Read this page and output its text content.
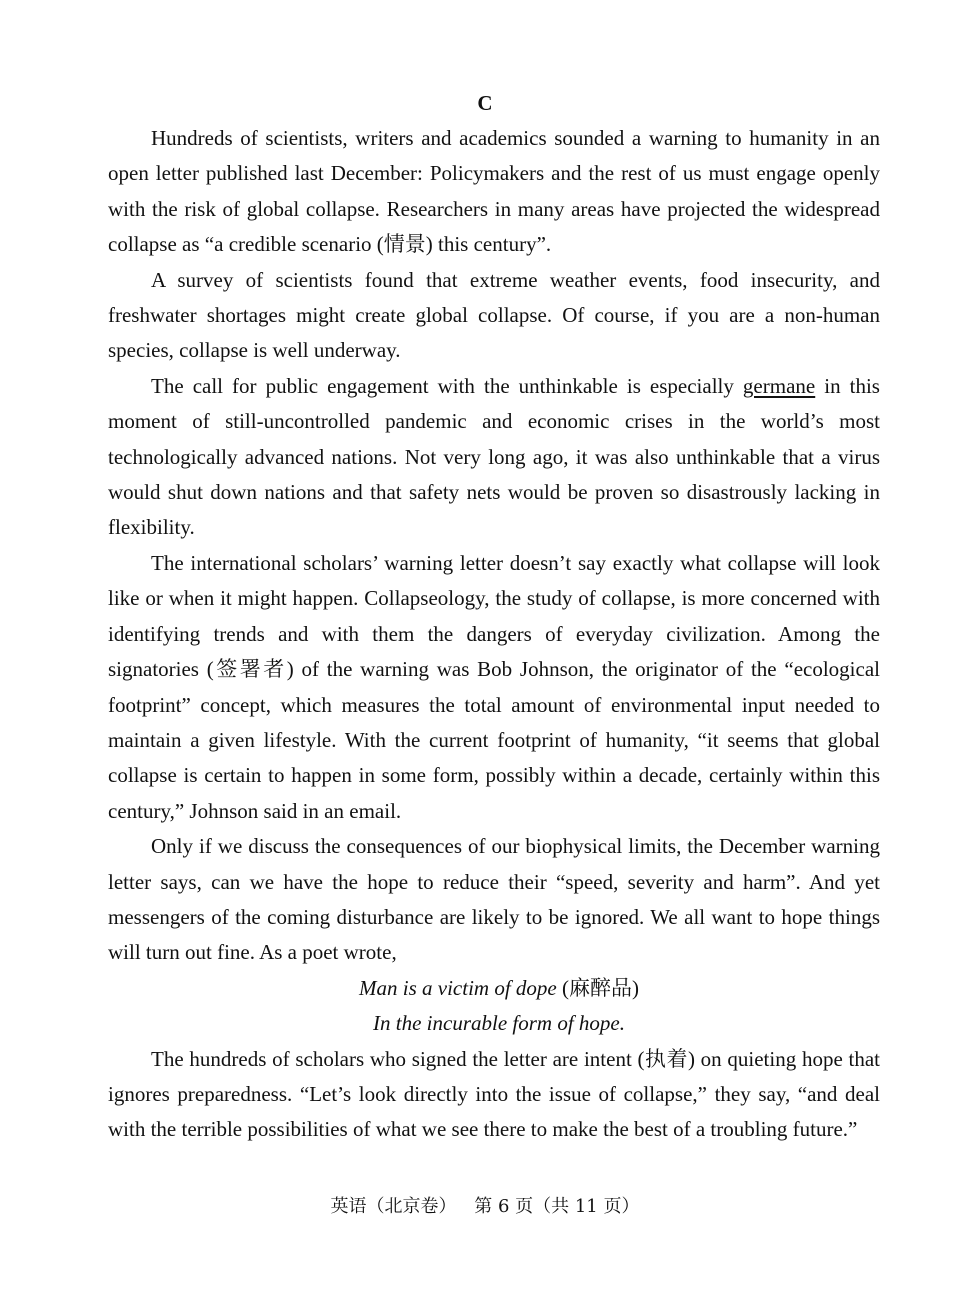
C

Hundreds of scientists, writers and academics sounded a warning to humanity in an open letter published last December: Policymakers and the rest of us must engage openly with the risk of global collapse. Researchers in many areas have projected the widespread collapse as “a credible scenario (情景) this century”.

A survey of scientists found that extreme weather events, food insecurity, and freshwater shortages might create global collapse. Of course, if you are a non-human species, collapse is well underway.

The call for public engagement with the unthinkable is especially germane in this moment of still-uncontrolled pandemic and economic crises in the world’s most technologically advanced nations. Not very long ago, it was also unthinkable that a virus would shut down nations and that safety nets would be proven so disastrously lacking in flexibility.

The international scholars’ warning letter doesn’t say exactly what collapse will look like or when it might happen. Collapseology, the study of collapse, is more concerned with identifying trends and with them the dangers of everyday civilization. Among the signatories (签署者) of the warning was Bob Johnson, the originator of the “ecological footprint” concept, which measures the total amount of environmental input needed to maintain a given lifestyle. With the current footprint of humanity, “it seems that global collapse is certain to happen in some form, possibly within a decade, certainly within this century,” Johnson said in an email.

Only if we discuss the consequences of our biophysical limits, the December warning letter says, can we have the hope to reduce their “speed, severity and harm”. And yet messengers of the coming disturbance are likely to be ignored. We all want to hope things will turn out fine. As a poet wrote,

Man is a victim of dope (麻醉品)

In the incurable form of hope.

The hundreds of scholars who signed the letter are intent (执着) on quieting hope that ignores preparedness. “Let’s look directly into the issue of collapse,” they say, “and deal with the terrible possibilities of what we see there to make the best of a troubling future.”

英语（北京卷） 第 6 页（共 11 页）
